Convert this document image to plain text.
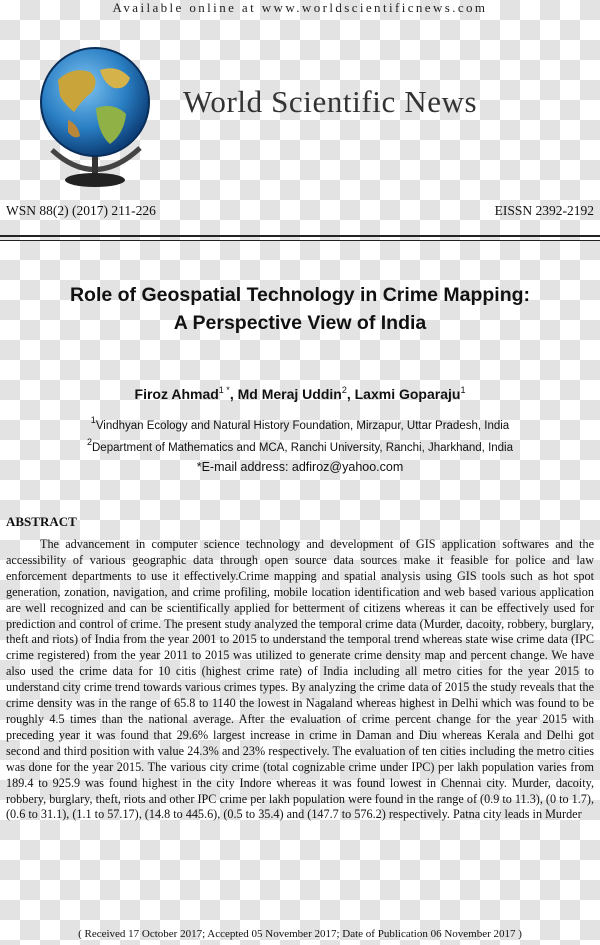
Available online at www.worldscientificnews.com
World Scientific News
WSN 88(2) (2017) 211-226	EISSN 2392-2192
Role of Geospatial Technology in Crime Mapping:
A Perspective View of India
Firoz Ahmad$^{1 *}$, Md Meraj Uddin$^2$, Laxmi Goparaju$^1$
$^1$Vindhyan Ecology and Natural History Foundation, Mirzapur, Uttar Pradesh, India
$^2$Department of Mathematics and MCA, Ranchi University, Ranchi, Jharkhand, India
*E-mail address: adfiroz@yahoo.com
ABSTRACT

The advancement in computer science technology and development of GIS application softwares and the accessibility of various geographic data through open source data sources make it feasible for police and law enforcement departments to use it effectively.Crime mapping and spatial analysis using GIS tools such as hot spot generation, zonation, navigation, and crime profiling, mobile location identification and web based various application are well recognized and can be scientifically applied for betterment of citizens whereas it can be effectively used for prediction and control of crime. The present study analyzed the temporal crime data (Murder, dacoity, robbery, burglary, theft and riots) of India from the year 2001 to 2015 to understand the temporal trend whereas state wise crime data (IPC crime registered) from the year 2011 to 2015 was utilized to generate crime density map and percent change. We have also used the crime data for 10 citis (highest crime rate) of India including all metro cities for the year 2015 to understand city crime trend towards various crimes types. By analyzing the crime data of 2015 the study reveals that the crime density was in the range of 65.8 to 1140 the lowest in Nagaland whereas highest in Delhi which was found to be roughly 4.5 times than the national average. After the evaluation of crime percent change for the year 2015 with preceding year it was found that 29.6% largest increase in crime in Daman and Diu whereas Kerala and Delhi got second and third position with value 24.3% and 23% respectively. The evaluation of ten cities including the metro cities was done for the year 2015. The various city crime (total cognizable crime under IPC) per lakh population varies from 189.4 to 925.9 was found highest in the city Indore whereas it was found lowest in Chennai city. Murder, dacoity, robbery, burglary, theft, riots and other IPC crime per lakh population were found in the range of (0.9 to 11.3), (0 to 1.7), (0.6 to 31.1), (1.1 to 57.17), (14.8 to 445.6), (0.5 to 35.4) and (147.7 to 576.2) respectively. Patna city leads in Murder

( Received 17 October 2017; Accepted 05 November 2017; Date of Publication 06 November 2017 )
